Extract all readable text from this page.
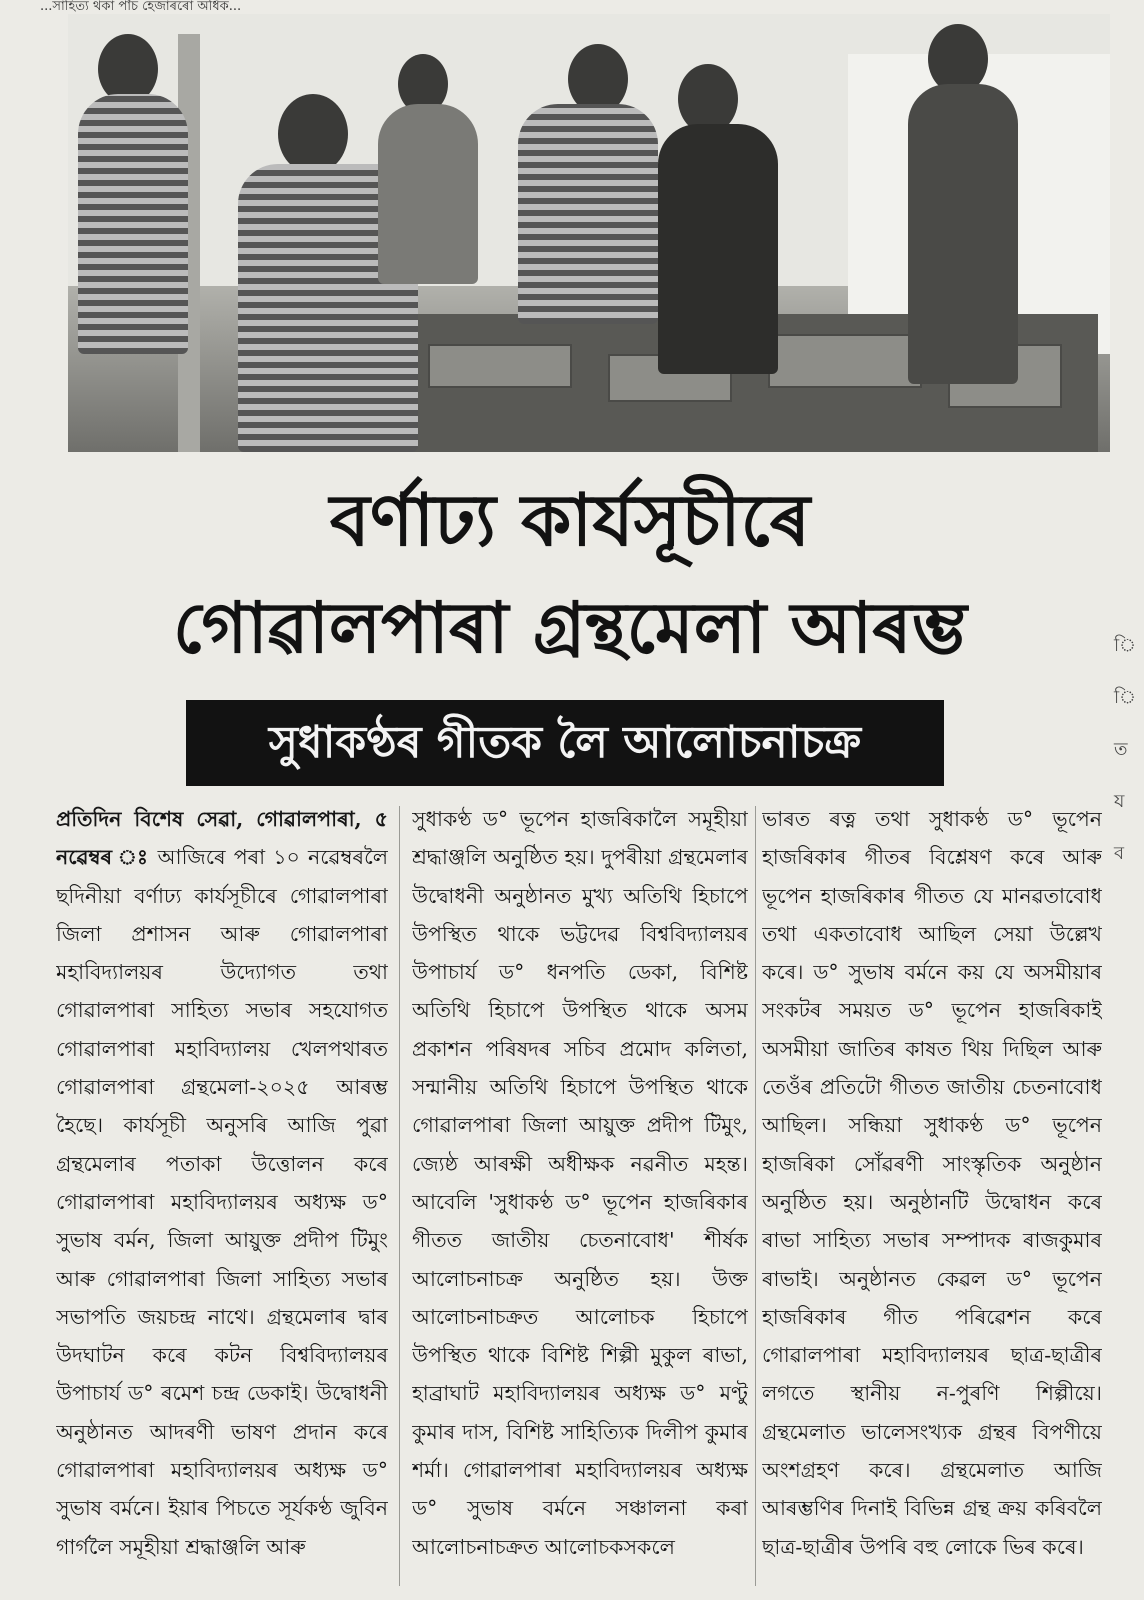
...সাহিত্য থকা পাঁচ হেজাৰৰো অধিক...
বৰ্ণাঢ্য কাৰ্যসূচীৰে
গোৱালপাৰা গ্ৰন্থমেলা আৰম্ভ
সুধাকণ্ঠৰ গীতক লৈ আলোচনাচক্ৰ
প্ৰতিদিন বিশেষ সেৱা, গোৱালপাৰা, ৫ নৱেম্বৰ ঃ আজিৰে পৰা ১০ নৱেম্বৰলৈ ছদিনীয়া বৰ্ণাঢ্য কাৰ্যসূচীৰে গোৱালপাৰা জিলা প্ৰশাসন আৰু গোৱালপাৰা মহাবিদ্যালয়ৰ উদ্যোগত তথা গোৱালপাৰা সাহিত্য সভাৰ সহযোগত গোৱালপাৰা মহাবিদ্যালয় খেলপথাৰত গোৱালপাৰা গ্ৰন্থমেলা-২০২৫ আৰম্ভ হৈছে। কাৰ্যসূচী অনুসৰি আজি পুৱা গ্ৰন্থমেলাৰ পতাকা উত্তোলন কৰে গোৱালপাৰা মহাবিদ্যালয়ৰ অধ্যক্ষ ড° সুভাষ বৰ্মন, জিলা আয়ুক্ত প্ৰদীপ টিমুং আৰু গোৱালপাৰা জিলা সাহিত্য সভাৰ সভাপতি জয়চন্দ্ৰ নাথে। গ্ৰন্থমেলাৰ দ্বাৰ উদঘাটন কৰে কটন বিশ্ববিদ্যালয়ৰ উপাচাৰ্য ড° ৰমেশ চন্দ্ৰ ডেকাই। উদ্বোধনী অনুষ্ঠানত আদৰণী ভাষণ প্ৰদান কৰে গোৱালপাৰা মহাবিদ্যালয়ৰ অধ্যক্ষ ড° সুভাষ বৰ্মনে। ইয়াৰ পিচতে সূৰ্যকণ্ঠ জুবিন গাৰ্গলৈ সমূহীয়া শ্ৰদ্ধাঞ্জলি আৰু
সুধাকণ্ঠ ড° ভূপেন হাজৰিকালৈ সমূহীয়া শ্ৰদ্ধাঞ্জলি অনুষ্ঠিত হয়। দুপৰীয়া গ্ৰন্থমেলাৰ উদ্বোধনী অনুষ্ঠানত মুখ্য অতিথি হিচাপে উপস্থিত থাকে ভট্টদেৱ বিশ্ববিদ্যালয়ৰ উপাচাৰ্য ড° ধনপতি ডেকা, বিশিষ্ট অতিথি হিচাপে উপস্থিত থাকে অসম প্ৰকাশন পৰিষদৰ সচিব প্ৰমোদ কলিতা, সন্মানীয় অতিথি হিচাপে উপস্থিত থাকে গোৱালপাৰা জিলা আয়ুক্ত প্ৰদীপ টিমুং, জ্যেষ্ঠ আৰক্ষী অধীক্ষক নৱনীত মহন্ত। আবেলি 'সুধাকণ্ঠ ড° ভূপেন হাজৰিকাৰ গীতত জাতীয় চেতনাবোধ' শীৰ্ষক আলোচনাচক্ৰ অনুষ্ঠিত হয়। উক্ত আলোচনাচক্ৰত আলোচক হিচাপে উপস্থিত থাকে বিশিষ্ট শিল্পী মুকুল ৰাভা, হাব্ৰাঘাট মহাবিদ্যালয়ৰ অধ্যক্ষ ড° মণ্টু কুমাৰ দাস, বিশিষ্ট সাহিত্যিক দিলীপ কুমাৰ শৰ্মা। গোৱালপাৰা মহাবিদ্যালয়ৰ অধ্যক্ষ ড° সুভাষ বৰ্মনে সঞ্চালনা কৰা আলোচনাচক্ৰত আলোচকসকলে
ভাৰত ৰত্ন তথা সুধাকণ্ঠ ড° ভূপেন হাজৰিকাৰ গীতৰ বিশ্লেষণ কৰে আৰু ভূপেন হাজৰিকাৰ গীতত যে মানৱতাবোধ তথা একতাবোধ আছিল সেয়া উল্লেখ কৰে। ড° সুভাষ বৰ্মনে কয় যে অসমীয়াৰ সংকটৰ সময়ত ড° ভূপেন হাজৰিকাই অসমীয়া জাতিৰ কাষত থিয় দিছিল আৰু তেওঁৰ প্ৰতিটো গীতত জাতীয় চেতনাবোধ আছিল। সন্ধিয়া সুধাকণ্ঠ ড° ভূপেন হাজৰিকা সোঁৱৰণী সাংস্কৃতিক অনুষ্ঠান অনুষ্ঠিত হয়। অনুষ্ঠানটি উদ্বোধন কৰে ৰাভা সাহিত্য সভাৰ সম্পাদক ৰাজকুমাৰ ৰাভাই। অনুষ্ঠানত কেৱল ড° ভূপেন হাজৰিকাৰ গীত পৰিৱেশন কৰে গোৱালপাৰা মহাবিদ্যালয়ৰ ছাত্ৰ-ছাত্ৰীৰ লগতে স্থানীয় ন-পুৰণি শিল্পীয়ে। গ্ৰন্থমেলাত ভালেসংখ্যক গ্ৰন্থৰ বিপণীয়ে অংশগ্ৰহণ কৰে। গ্ৰন্থমেলাত আজি আৰম্ভণিৰ দিনাই বিভিন্ন গ্ৰন্থ ক্ৰয় কৰিবলৈ ছাত্ৰ-ছাত্ৰীৰ উপৰি বহু লোকে ভিৰ কৰে।
ি
ি
ত
য
ব
